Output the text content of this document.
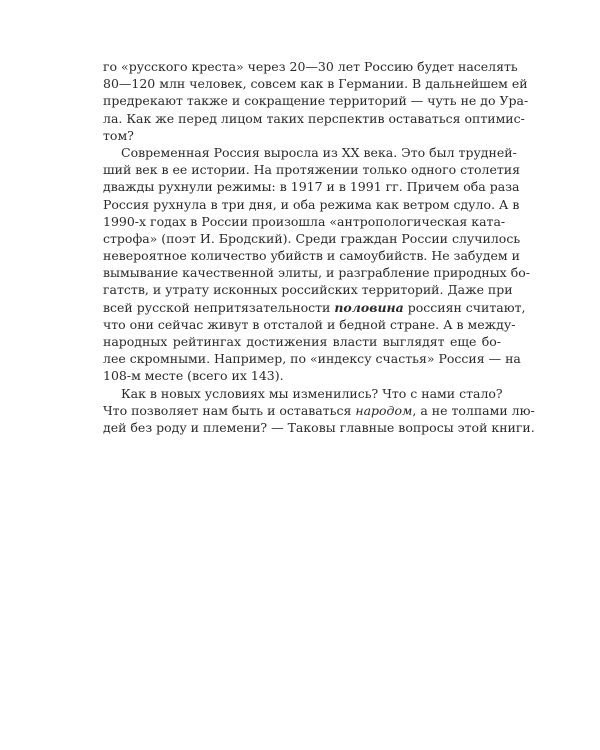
го «русского креста» через 20—30 лет Россию будет населять
80—120 млн человек, совсем как в Германии. В дальнейшем ей
предрекают также и сокращение территорий — чуть не до Ура-
ла. Как же перед лицом таких перспектив оставаться оптимис-
том?
Современная Россия выросла из XX века. Это был трудней-
ший век в ее истории. На протяжении только одного столетия
дважды рухнули режимы: в 1917 и в 1991 гг. Причем оба раза
Россия рухнула в три дня, и оба режима как ветром сдуло. А в
1990-х годах в России произошла «антропологическая ката-
строфа» (поэт И. Бродский). Среди граждан России случилось
невероятное количество убийств и самоубийств. Не забудем и
вымывание качественной элиты, и разграбление природных бо-
гатств, и утрату исконных российских территорий. Даже при
всей русской непритязательности половина россиян считают,
что они сейчас живут в отсталой и бедной стране. А в между-
народных рейтингах достижения власти выглядят еще бо-
лее скромными. Например, по «индексу счастья» Россия — на
108-м месте (всего их 143).
Как в новых условиях мы изменились? Что с нами стало?
Что позволяет нам быть и оставаться народом, а не толпами лю-
дей без роду и племени? — Таковы главные вопросы этой книги.
